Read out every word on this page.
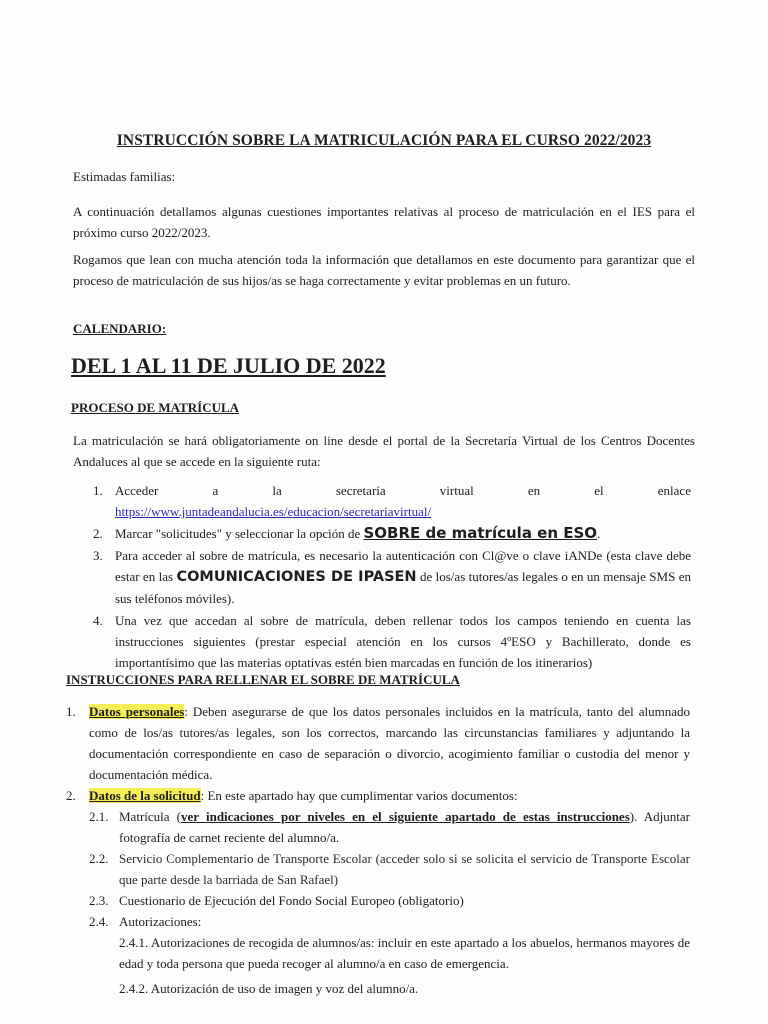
INSTRUCCIÓN SOBRE LA MATRICULACIÓN PARA EL CURSO 2022/2023
Estimadas familias:
A continuación detallamos algunas cuestiones importantes relativas al proceso de matriculación en el IES para el próximo curso 2022/2023.
Rogamos que lean con mucha atención toda la información que detallamos en este documento para garantizar que el proceso de matriculación de sus hijos/as se haga correctamente y evitar problemas en un futuro.
CALENDARIO:
DEL 1 AL 11 DE JULIO DE 2022
PROCESO DE MATRÍCULA
La matriculación se hará obligatoriamente on line desde el portal de la Secretaría Virtual de los Centros Docentes Andaluces al que se accede en la siguiente ruta:
1. Acceder	a	la	secretaría	virtual	en	el	enlace
https://www.juntadeandalucia.es/educacion/secretariavirtual/
2. Marcar "solicitudes" y seleccionar la opción de SOBRE de matrícula en ESO.
3. Para acceder al sobre de matrícula, es necesario la autenticación con Cl@ve o clave iANDe (esta clave debe estar en las COMUNICACIONES DE IPASEN de los/as tutores/as legales o en un mensaje SMS en sus teléfonos móviles).
4. Una vez que accedan al sobre de matrícula, deben rellenar todos los campos teniendo en cuenta las instrucciones siguientes (prestar especial atención en los cursos 4ºESO y Bachillerato, donde es importantísimo que las materias optativas estén bien marcadas en función de los itinerarios)
INSTRUCCIONES PARA RELLENAR EL SOBRE DE MATRÍCULA
1. Datos personales: Deben asegurarse de que los datos personales incluidos en la matrícula, tanto del alumnado como de los/as tutores/as legales, son los correctos, marcando las circunstancias familiares y adjuntando la documentación correspondiente en caso de separación o divorcio, acogimiento familiar o custodia del menor y documentación médica.
2. Datos de la solicitud: En este apartado hay que cumplimentar varios documentos:
2.1. Matrícula (ver indicaciones por niveles en el siguiente apartado de estas instrucciones). Adjuntar fotografía de carnet reciente del alumno/a.
2.2. Servicio Complementario de Transporte Escolar (acceder solo si se solicita el servicio de Transporte Escolar que parte desde la barriada de San Rafael)
2.3. Cuestionario de Ejecución del Fondo Social Europeo (obligatorio)
2.4. Autorizaciones:
2.4.1. Autorizaciones de recogida de alumnos/as: incluir en este apartado a los abuelos, hermanos mayores de edad y toda persona que pueda recoger al alumno/a en caso de emergencia.
2.4.2. Autorización de uso de imagen y voz del alumno/a.
